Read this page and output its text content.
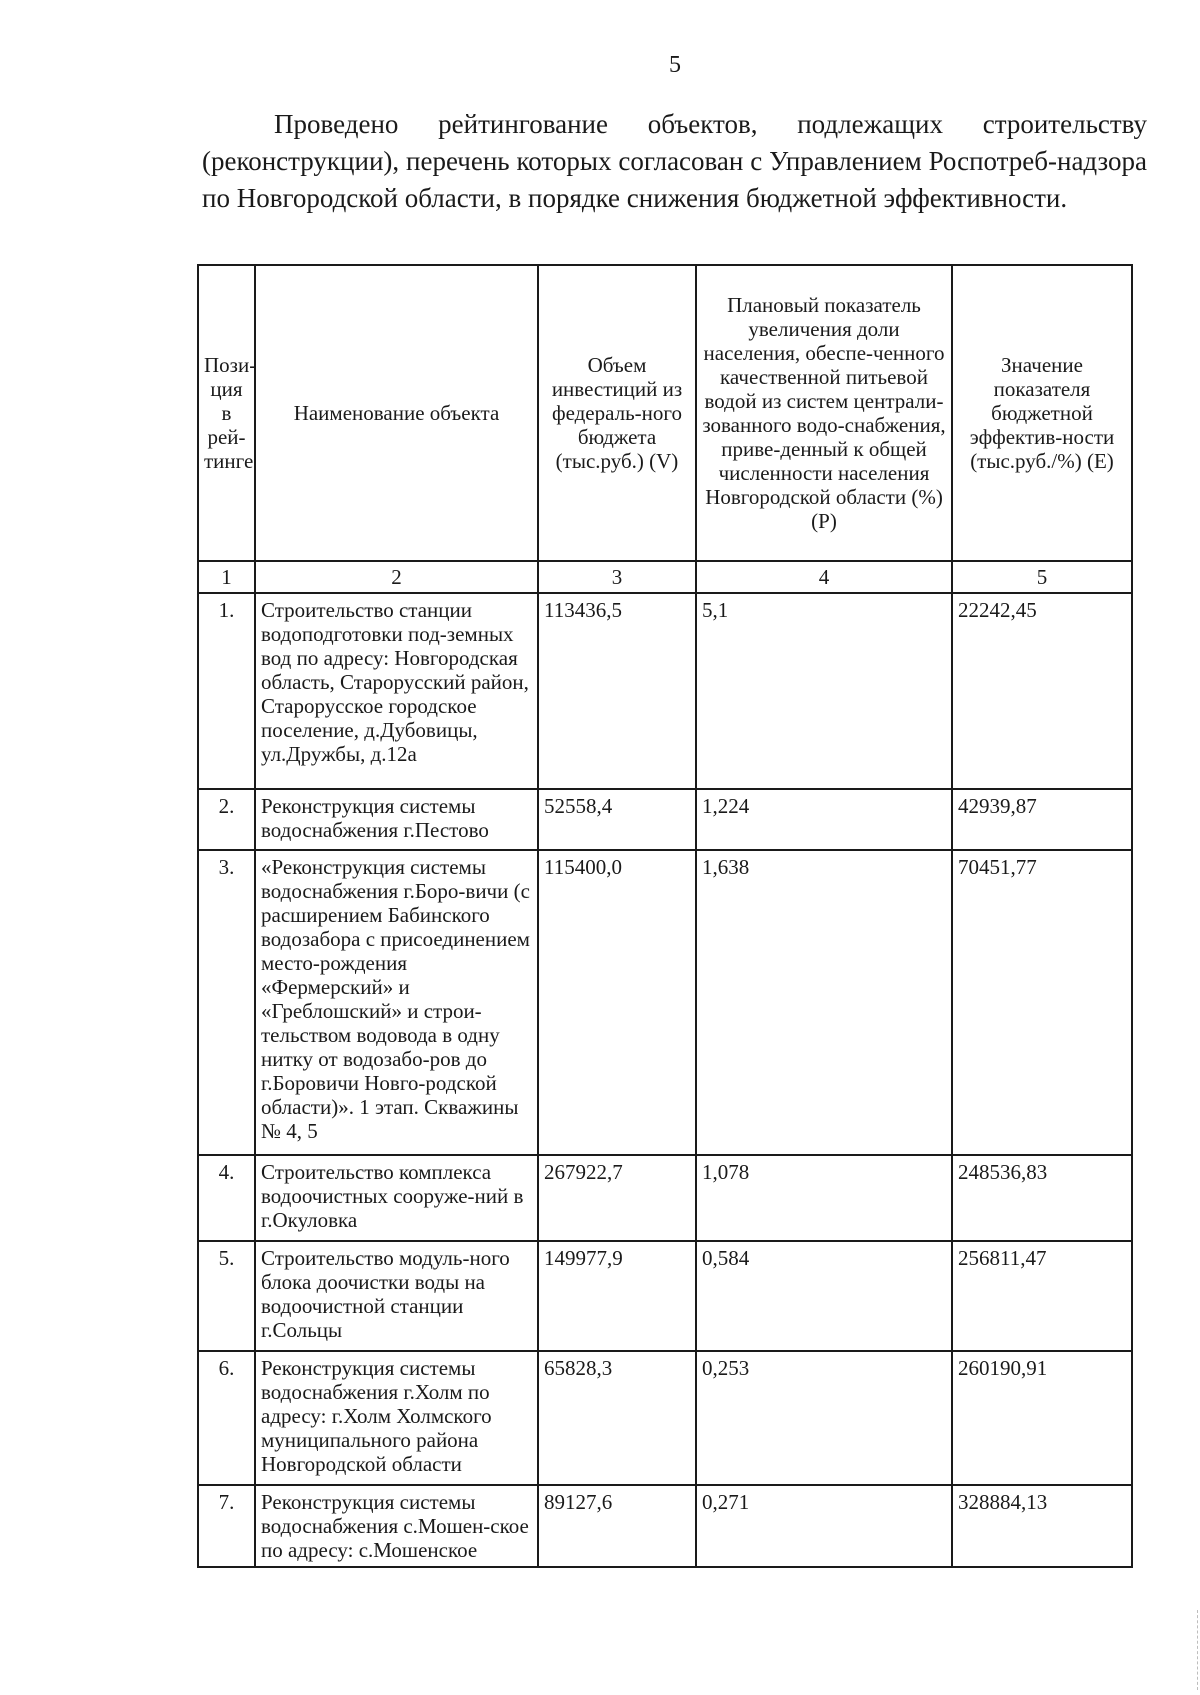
5

Проведено рейтингование объектов, подлежащих строительству (реконструкции), перечень которых согласован с Управлением Роспотреб-надзора по Новгородской области, в порядке снижения бюджетной эффективности.

Пози-ция в рей-тинге	Наименование объекта	Объем инвестиций из федераль-ного бюджета (тыс.руб.) (V)	Плановый показатель увеличения доли населения, обеспе-ченного качественной питьевой водой из систем централи-зованного водо-снабжения, приве-денный к общей численности населения Новгородской области (%) (P)	Значение показателя бюджетной эффектив-ности (тыс.руб./%) (E)
1	2	3	4	5
1.	Строительство станции водоподготовки под-земных вод по адресу: Новгородская область, Старорусский район, Старорусское городское поселение, д.Дубовицы, ул.Дружбы, д.12а	113436,5	5,1	22242,45
2.	Реконструкция системы водоснабжения г.Пестово	52558,4	1,224	42939,87
3.	«Реконструкция системы водоснабжения г.Боро-вичи (с расширением Бабинского водозабора с присоединением место-рождения «Фермерский» и «Греблошский» и строи-тельством водовода в одну нитку от водозабо-ров до г.Боровичи Новго-родской области)». 1 этап. Скважины № 4, 5	115400,0	1,638	70451,77
4.	Строительство комплекса водоочистных сооруже-ний в г.Окуловка	267922,7	1,078	248536,83
5.	Строительство модуль-ного блока доочистки воды на водоочистной станции г.Сольцы	149977,9	0,584	256811,47
6.	Реконструкция системы водоснабжения г.Холм по адресу: г.Холм Холмского муниципального района Новгородской области	65828,3	0,253	260190,91
7.	Реконструкция системы водоснабжения с.Мошен-ское по адресу: с.Мошенское	89127,6	0,271	328884,13
